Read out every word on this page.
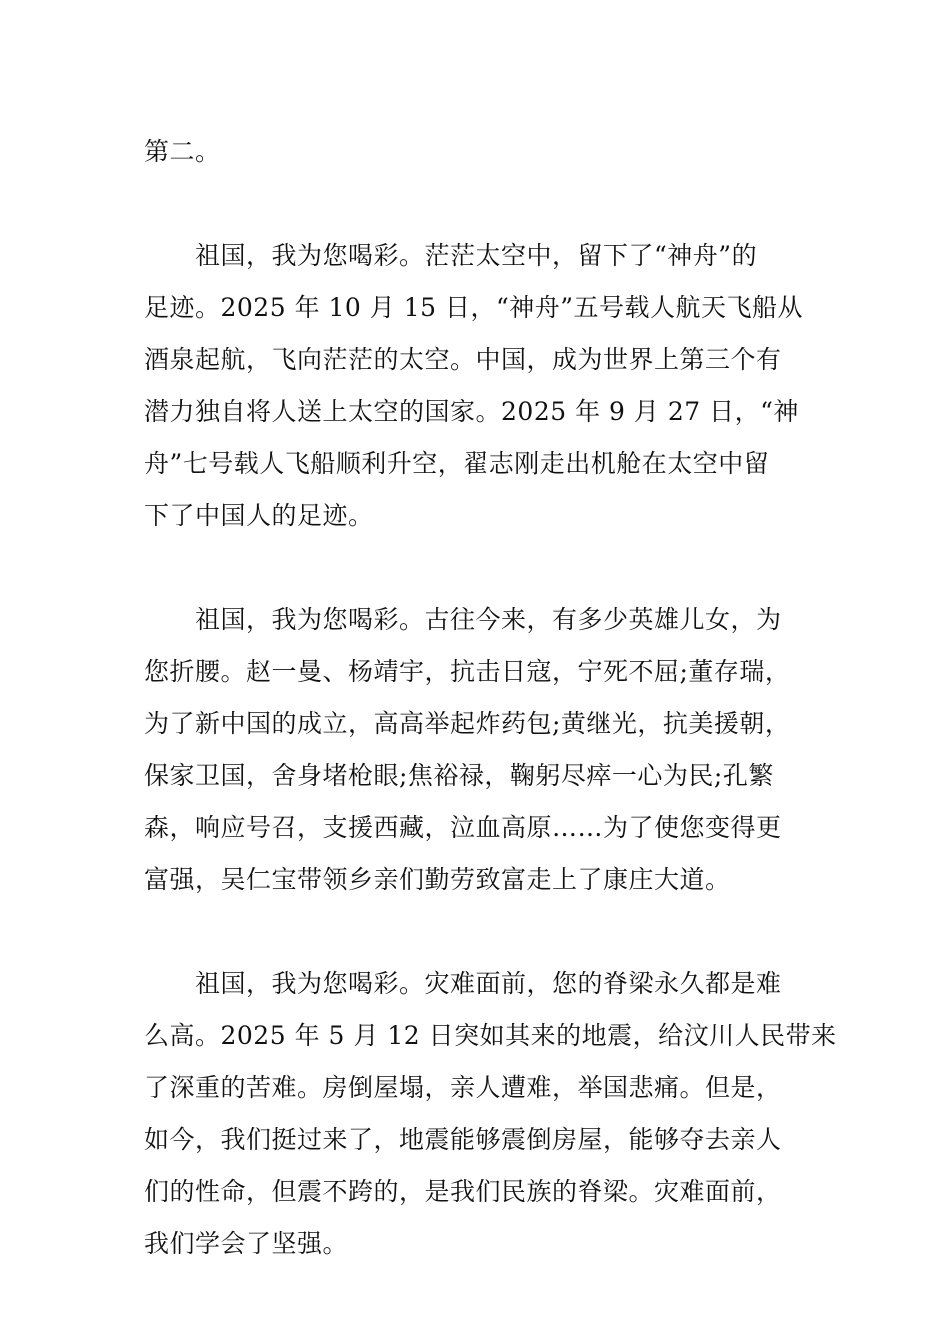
第二。
　　祖国，我为您喝彩。茫茫太空中，留下了“神舟”的
足迹。2025 年 10 月 15 日，“神舟”五号载人航天飞船从
酒泉起航，飞向茫茫的太空。中国，成为世界上第三个有
潜力独自将人送上太空的国家。2025 年 9 月 27 日，“神
舟”七号载人飞船顺利升空，翟志刚走出机舱在太空中留
下了中国人的足迹。
　　祖国，我为您喝彩。古往今来，有多少英雄儿女，为
您折腰。赵一曼、杨靖宇，抗击日寇，宁死不屈;董存瑞，
为了新中国的成立，高高举起炸药包;黄继光，抗美援朝，
保家卫国，舍身堵枪眼;焦裕禄，鞠躬尽瘁一心为民;孔繁
森，响应号召，支援西藏，泣血高原……为了使您变得更
富强，吴仁宝带领乡亲们勤劳致富走上了康庄大道。
　　祖国，我为您喝彩。灾难面前，您的脊梁永久都是难
么高。2025 年 5 月 12 日突如其来的地震，给汶川人民带来
了深重的苦难。房倒屋塌，亲人遭难，举国悲痛。但是，
如今，我们挺过来了，地震能够震倒房屋，能够夺去亲人
们的性命，但震不跨的，是我们民族的脊梁。灾难面前，
我们学会了坚强。
